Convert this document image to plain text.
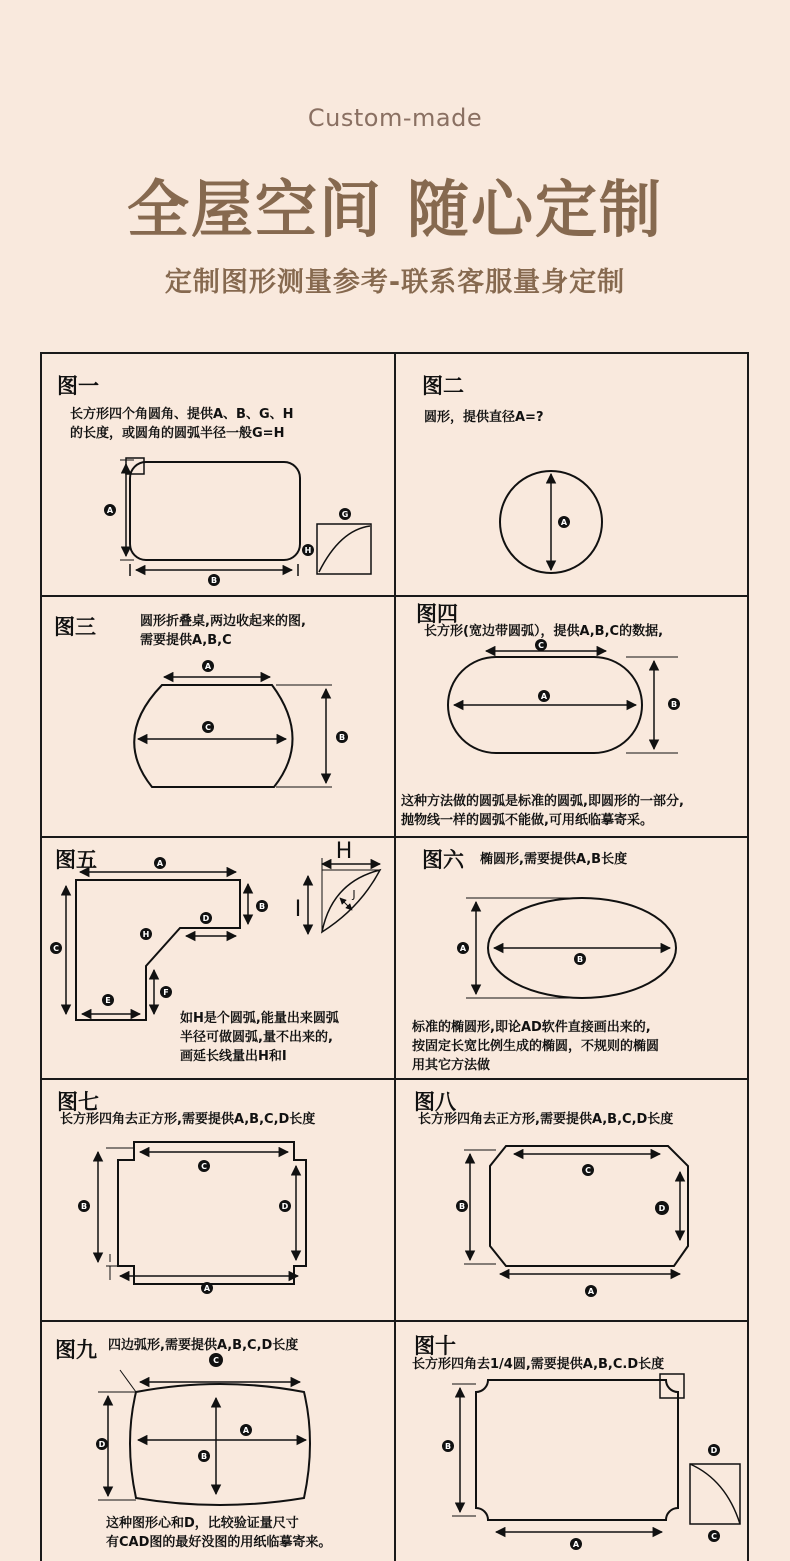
Custom-made
全屋空间 随心定制
定制图形测量参考-联系客服量身定制
图一
长方形四个角圆角、提供A、B、G、H
的长度，或圆角的圆弧半径一般G=H
A
B
G
H
图二
圆形，提供直径A=?
A
图三	圆形折叠桌,两边收起来的图,
需要提供A,B,C
A
C
B
图四
长方形(宽边带圆弧），提供A,B,C的数据,
这种方法做的圆弧是标准的圆弧,即圆形的一部分,
抛物线一样的圆弧不能做,可用纸临摹寄采。
C
A
B
图五
如H是个圆弧,能量出来圆弧
半径可做圆弧,量不出来的,
画延长线量出H和I
A
B
C
D
E
F
H
H
I
J
图六 椭圆形,需要提供A,B长度
标准的椭圆形,即论AD软件直接画出来的,
按固定长宽比例生成的椭圆，不规则的椭圆
用其它方法做
A
B
图七
长方形四角去正方形,需要提供A,B,C,D长度
B
C
D
A
图八
长方形四角去正方形,需要提供A,B,C,D长度
B
C
D
A
图九 四边弧形,需要提供A,B,C,D长度
这种图形心和D，比较验证量尺寸
有CAD图的最好没图的用纸临摹寄来。
C
D
A
B
图十
长方形四角去1/4圆,需要提供A,B,C.D长度
B
A
D
C
